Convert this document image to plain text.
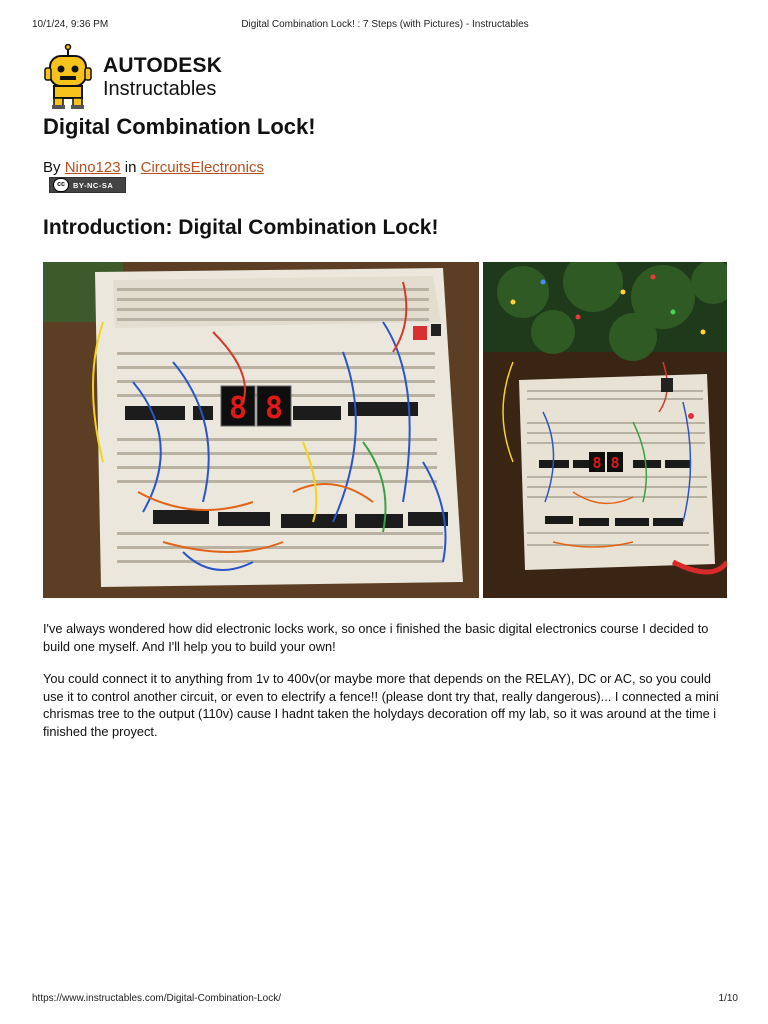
10/1/24, 9:36 PM	Digital Combination Lock! : 7 Steps (with Pictures) - Instructables
AUTODESK
Instructables
Digital Combination Lock!
By Nino123 in CircuitsElectronics
cc	BY-NC-SA
Introduction: Digital Combination Lock!
8 8
8 8

I've always wondered how did electronic locks work, so once i finished the basic digital electronics course I decided to build one myself. And I'll help you to build your own!

You could connect it to anything from 1v to 400v(or maybe more that depends on the RELAY), DC or AC, so you could use it to control another circuit, or even to electrify a fence!! (please dont try that, really dangerous)... I connected a mini chrismas tree to the output (110v) cause I hadnt taken the holydays decoration off my lab, so it was around at the time i finished the proyect.

https://www.instructables.com/Digital-Combination-Lock/	1/10
